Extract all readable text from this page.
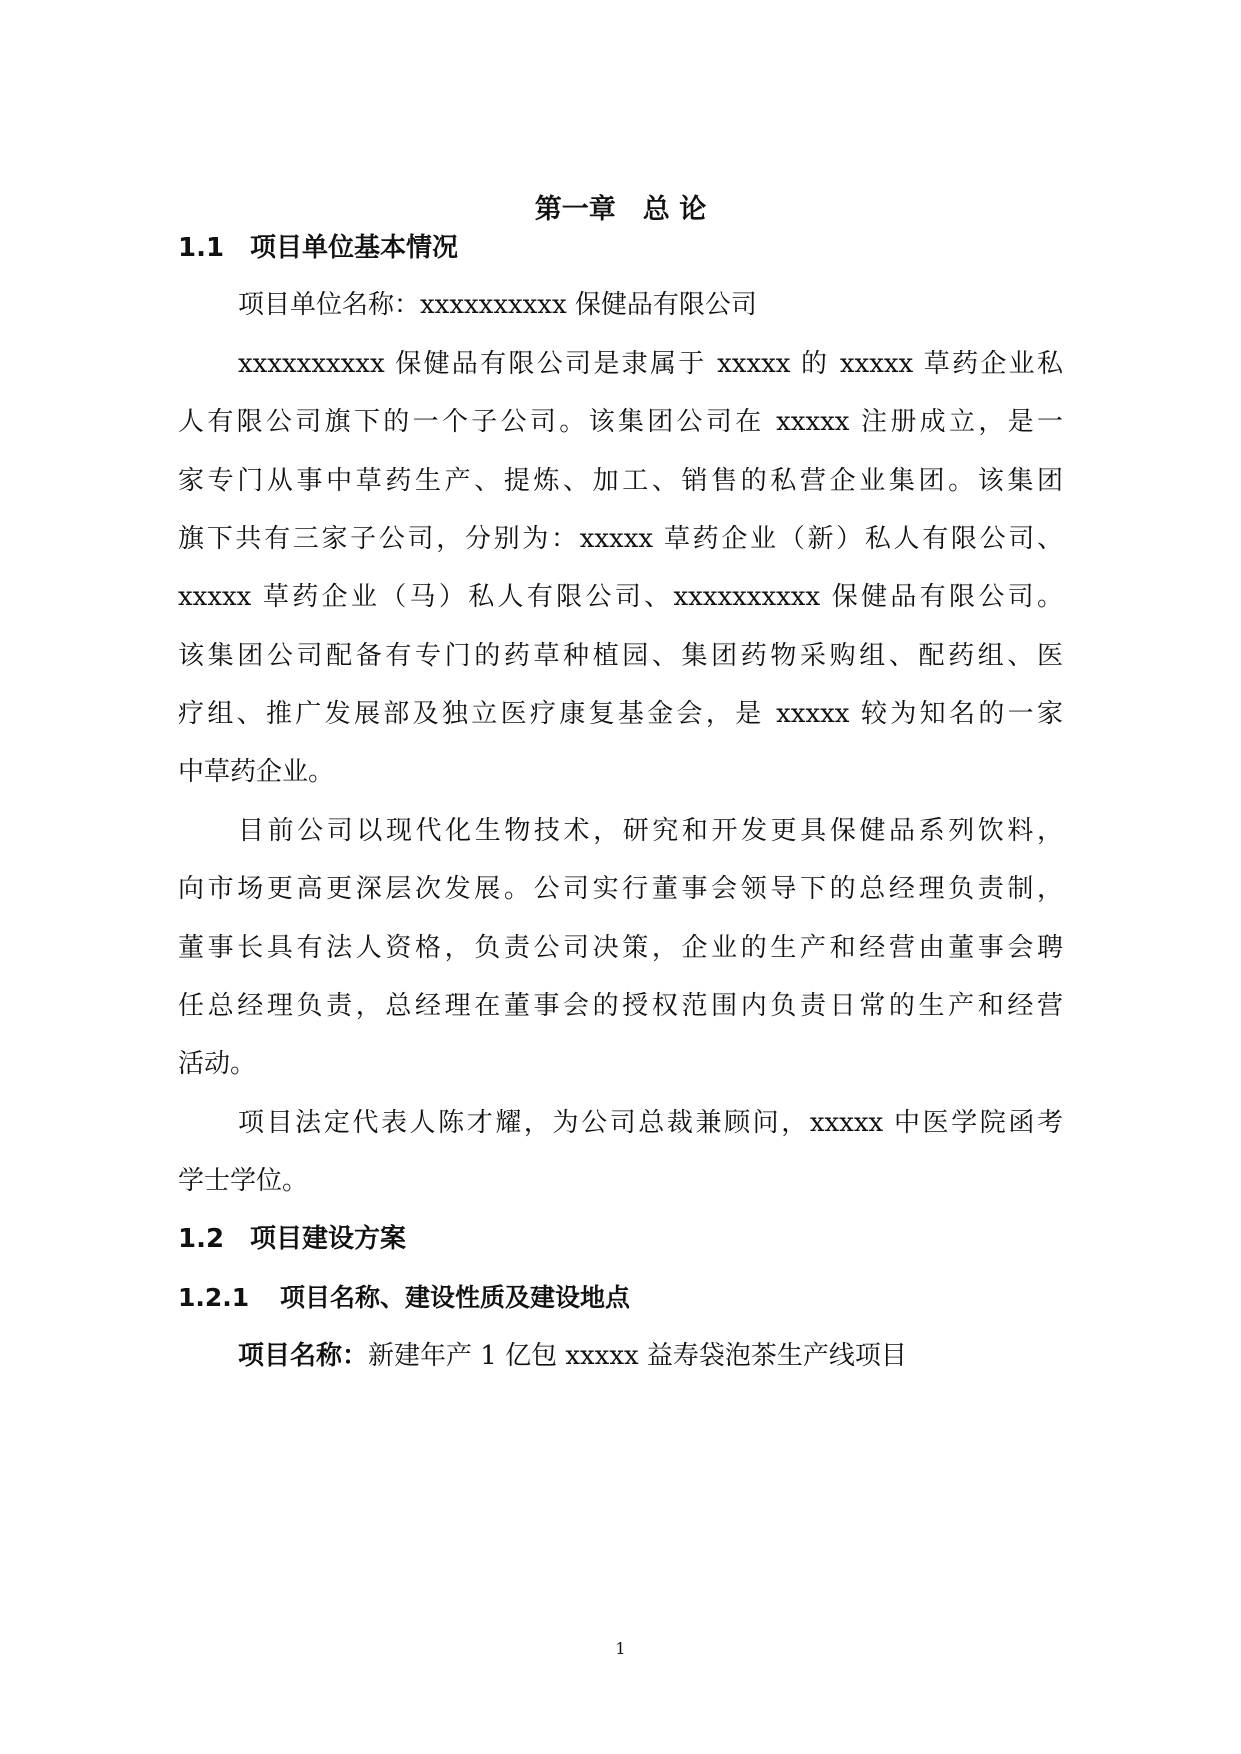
第一章　总 论
1.1 项目单位基本情况
项目单位名称：xxxxxxxxxx 保健品有限公司
xxxxxxxxxx 保健品有限公司是隶属于 xxxxx 的 xxxxx 草药企业私
人有限公司旗下的一个子公司。该集团公司在 xxxxx 注册成立，是一
家专门从事中草药生产、提炼、加工、销售的私营企业集团。该集团
旗下共有三家子公司，分别为：xxxxx 草药企业（新）私人有限公司、
xxxxx 草药企业（马）私人有限公司、xxxxxxxxxx 保健品有限公司。
该集团公司配备有专门的药草种植园、集团药物采购组、配药组、医
疗组、推广发展部及独立医疗康复基金会，是 xxxxx 较为知名的一家
中草药企业。
目前公司以现代化生物技术，研究和开发更具保健品系列饮料，
向市场更高更深层次发展。公司实行董事会领导下的总经理负责制，
董事长具有法人资格，负责公司决策，企业的生产和经营由董事会聘
任总经理负责，总经理在董事会的授权范围内负责日常的生产和经营
活动。
项目法定代表人陈才耀，为公司总裁兼顾问，xxxxx 中医学院函考
学士学位。
1.2 项目建设方案
1.2.1 项目名称、建设性质及建设地点
项目名称：新建年产 1 亿包 xxxxx 益寿袋泡茶生产线项目
1
